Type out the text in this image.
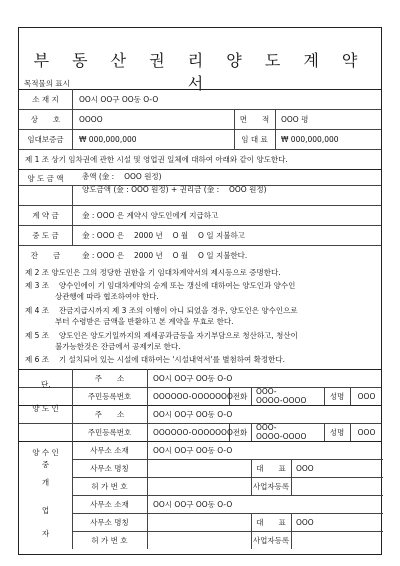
부 동 산 권 리 양 도 계 약 서
목적물의 표시
소 재 지	OO시 OO구 OO동 O-O
상　　호	OOOO	면　　적	OOO 평
임대보증금	₩ 000,000,000	임 대 료	₩ 000,000,000
제 1 조 상기 임차권에 관한 시설 및 영업권 일체에 대하여 아래와 같이 양도한다.
양 도 금 액	총액 (金 : 　OOO 원정)
양도금액 (金 : OOO 원정) + 권리금 (金 : 　OOO 원정)
계 약 금	金 : OOO 은 계약시 양도인에게 지급하고
중 도 금	金 : OOO 은 　2000 년 　O 월 　O 일 지불하고
잔　　금	金 : OOO 은 　2000 년 　O 월 　O 일 지불한다.
제 2 조 양도인은 그의 정당한 권한을 기 임대차계약서의 제시등으로 증명한다.
제 3 조 　양수인에이 기 임대차계약의 승계 또는 갱신에 대하여는 양도인과 양수인
상관행에 따라 협조하여야 한다.
제 4 조 　잔금지급시까지 제 3 조의 이행이 아니 되었을 경우, 양도인은 양수인으로
부터 수령받은 금액을 반환하고 본 계약을 무효로 한다.
제 5 조 　양도인은 양도기일까지의 제세공과금등을 자기부담으로 청산하고, 청산이
불가능한것은 잔금에서 공제키로 한다.
제 6 조 　기 설치되어 있는 시설에 대하여는 '시설내역서'를 별첨하여 확정한다.
단,
양 도 인
주　　소	OO시 OO구 OO동 O-O
주민등록번호	OOOOOO-OOOOOOO 전화
OOO-
OOOO-OOOO	성명	OOO
양 수 인
주　　소	OO시 OO구 OO동 O-O
주민등록번호	OOOOOO-OOOOOOO 전화
OOO-
OOOO-OOOO	성명	OOO
중
개
업
자
사무소 소재	OO시 OO구 OO동 O-O
사무소 명칭	대　　표	OOO
허 가 번 호	사업자등록
사무소 소재	OO시 OO구 OO동 O-O
사무소 명칭	대　　표	OOO
허 가 번 호	사업자등록
